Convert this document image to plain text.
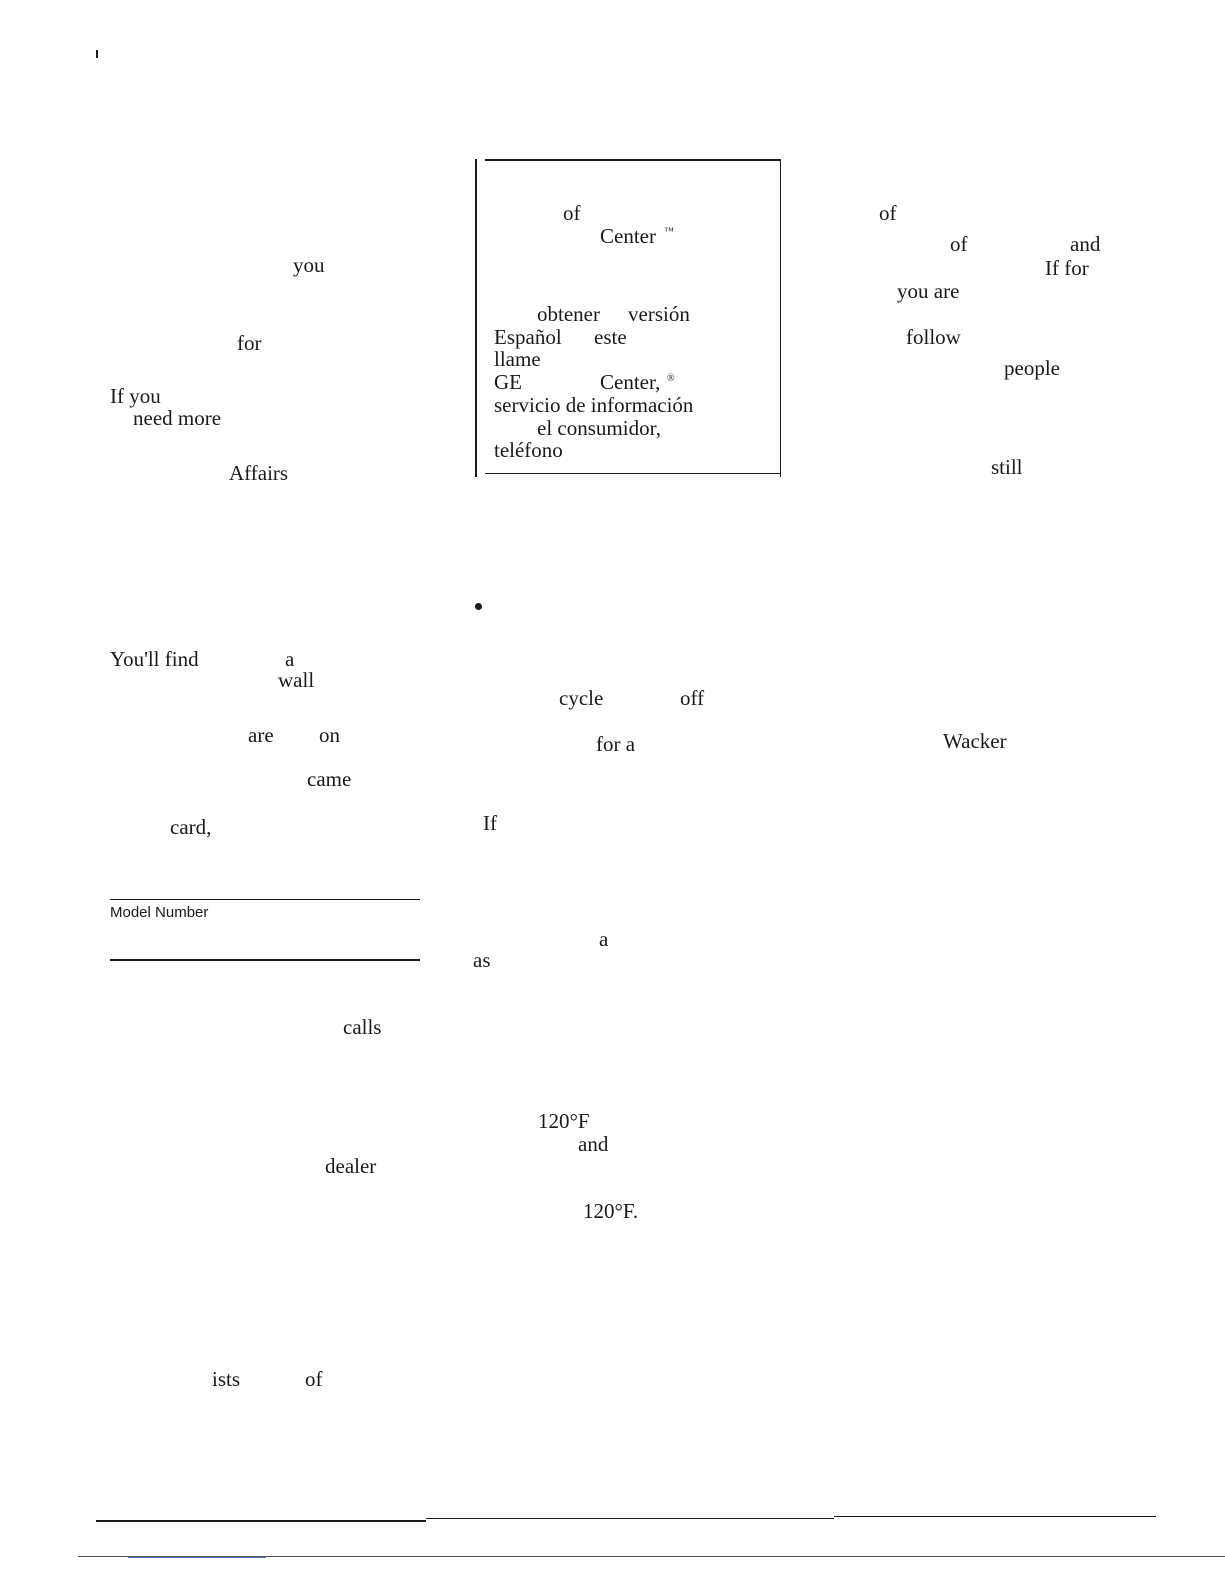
you
for
If you
need more
Affairs
You'll find	a
wall
are on
came
card,
Model Number
calls
dealer
ists	of
of
Center ™
obtener versión
Español este
llame
GE	Center, ®
servicio de información
el consumidor,
teléfono
cycle	off
for a
If
a
as
120°F
and
120°F.
of
of	and
If for
you are
follow
people
still
Wacker
